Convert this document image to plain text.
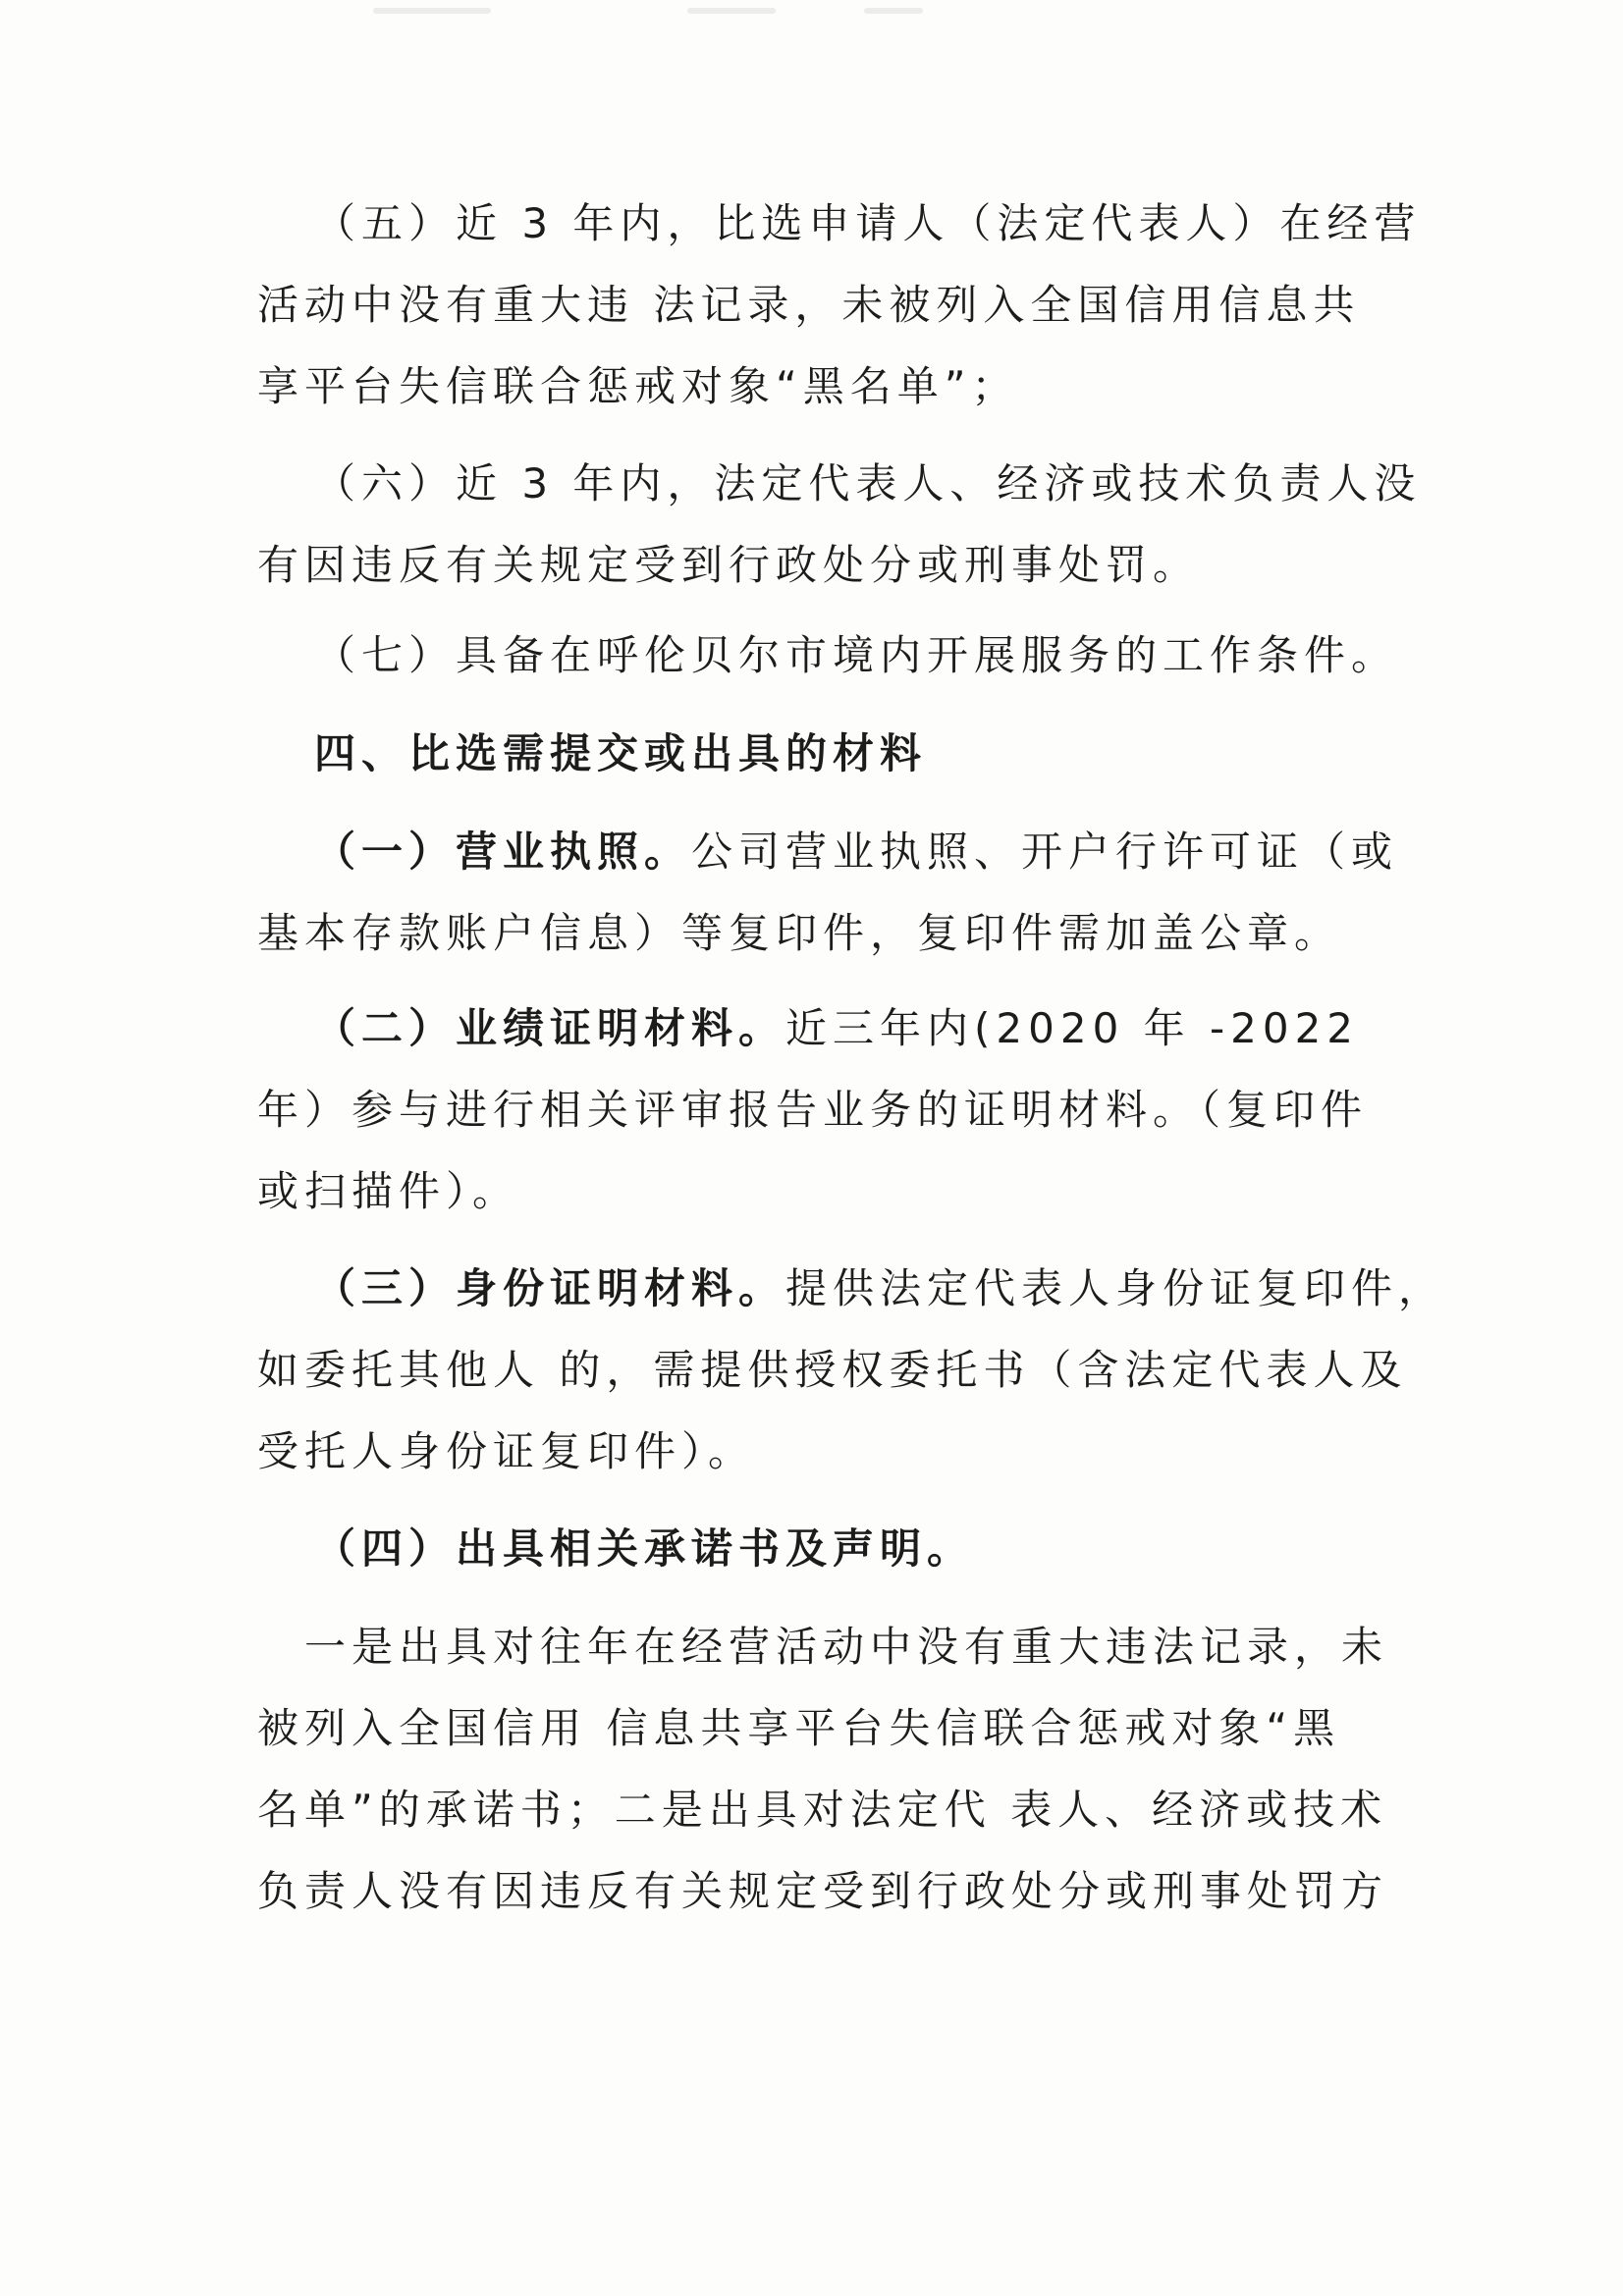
（五）近 3 年内，比选申请人（法定代表人）在经营
活动中没有重大违 法记录，未被列入全国信用信息共
享平台失信联合惩戒对象“黑名单”；
（六）近 3 年内，法定代表人、经济或技术负责人没
有因违反有关规定受到行政处分或刑事处罚。
（七）具备在呼伦贝尔市境内开展服务的工作条件。
四、比选需提交或出具的材料
（一）营业执照。公司营业执照、开户行许可证（或
基本存款账户信息）等复印件，复印件需加盖公章。
（二）业绩证明材料。近三年内(2020 年 -2022
年）参与进行相关评审报告业务的证明材料。（复印件
或扫描件）。
（三）身份证明材料。提供法定代表人身份证复印件，
如委托其他人 的，需提供授权委托书（含法定代表人及
受托人身份证复印件）。
（四）出具相关承诺书及声明。
一是出具对往年在经营活动中没有重大违法记录，未
被列入全国信用 信息共享平台失信联合惩戒对象“黑
名单”的承诺书；二是出具对法定代 表人、经济或技术
负责人没有因违反有关规定受到行政处分或刑事处罚方
